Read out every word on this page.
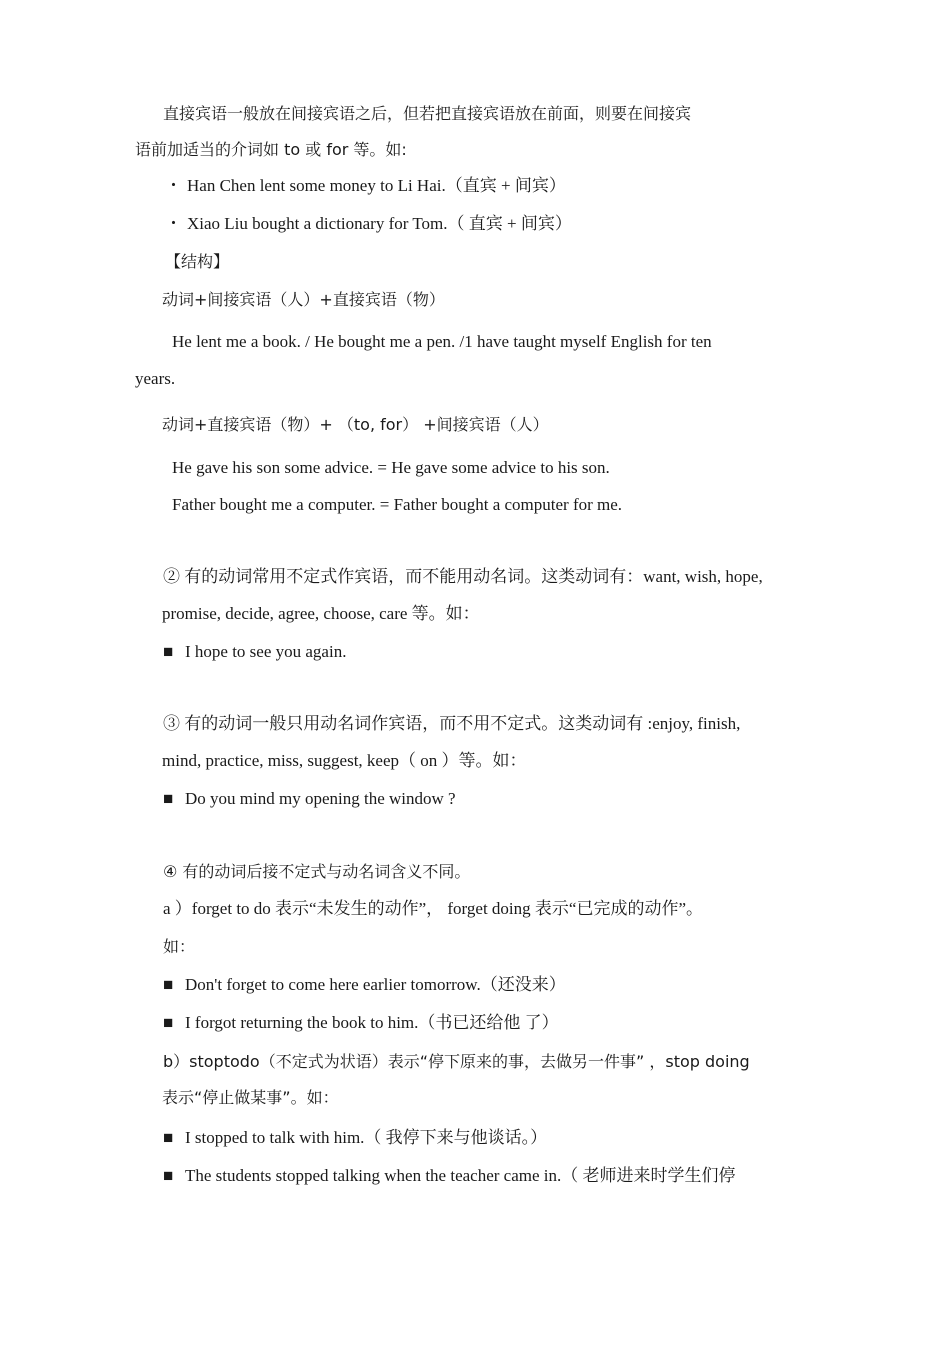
直接宾语一般放在间接宾语之后，但若把直接宾语放在前面，则要在间接宾
语前加适当的介词如 to 或 for 等。如:
・ Han Chen lent some money to Li Hai.（直宾 + 间宾）
・ Xiao Liu bought a dictionary for Tom.（ 直宾 + 间宾）
【结构】
动词+间接宾语（人）+直接宾语（物）
He lent me a book. / He bought me a pen. /1 have taught myself English for ten
years.
动词+直接宾语（物）+ （to, for） +间接宾语（人）
He gave his son some advice. = He gave some advice to his son.
Father bought me a computer. = Father bought a computer for me.
② 有的动词常用不定式作宾语，而不能用动名词。这类动词有：want, wish, hope,
promise, decide, agree, choose, care 等。如：
■ I hope to see you again.
③ 有的动词一般只用动名词作宾语，而不用不定式。这类动词有 :enjoy, finish,
mind, practice, miss, suggest, keep（ on ）等。如：
■ Do you mind my opening the window ?
④ 有的动词后接不定式与动名词含义不同。
a ）forget to do 表示“未发生的动作”， forget doing 表示“已完成的动作”。
如：
■ Don't forget to come here earlier tomorrow.（还没来）
■ I forgot returning the book to him.（书已还给他 了）
b）stoptodo（不定式为状语）表示“停下原来的事，去做另一件事” ，stop doing
表示“停止做某事”。如：
■ I stopped to talk with him.（ 我停下来与他谈话。）
■ The students stopped talking when the teacher came in.（ 老师进来时学生们停
